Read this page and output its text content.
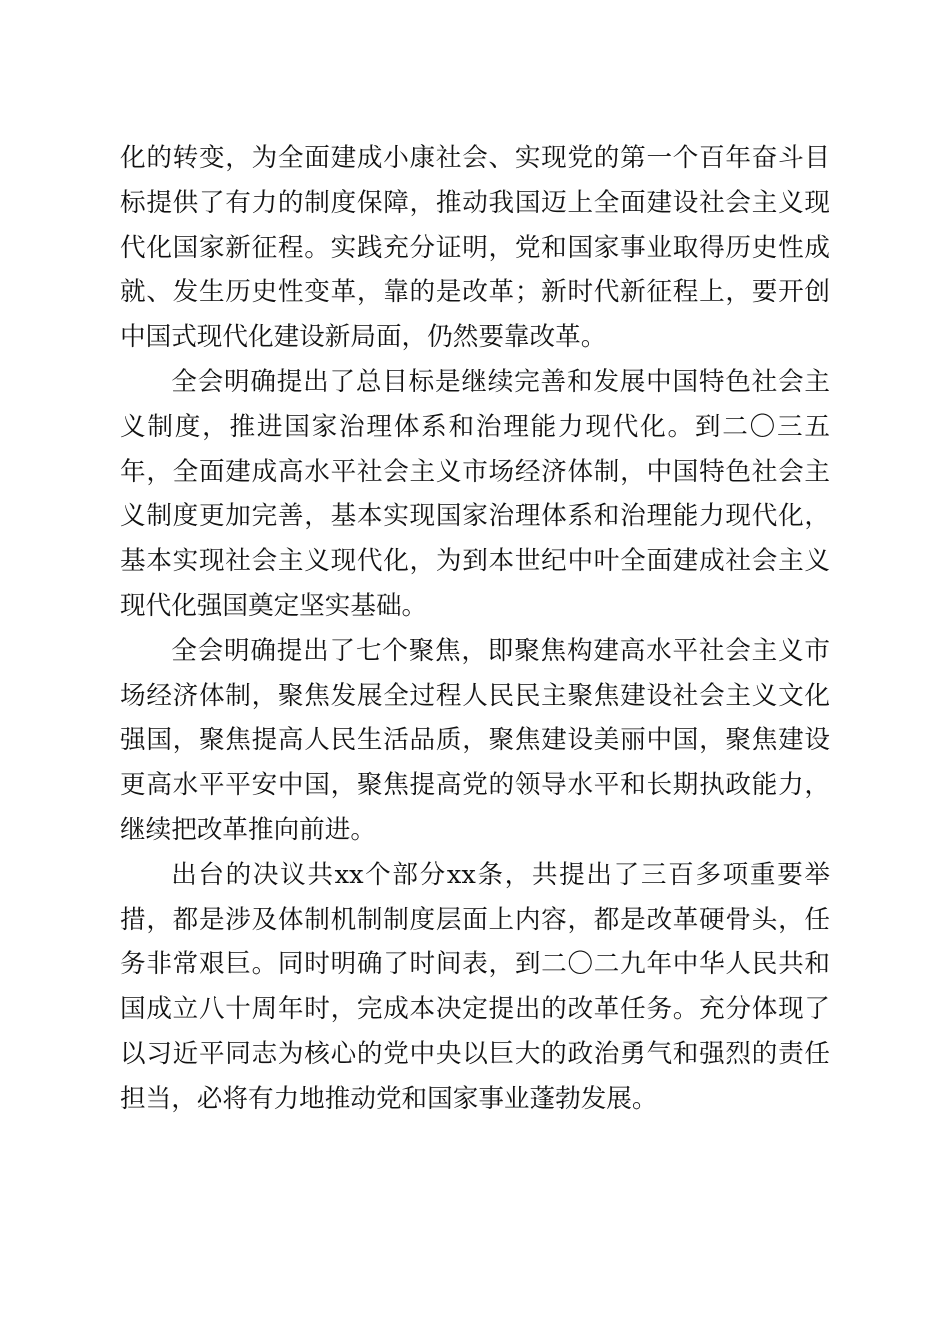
化的转变，为全面建成小康社会、实现党的第一个百年奋斗目标提供了有力的制度保障，推动我国迈上全面建设社会主义现代化国家新征程。实践充分证明，党和国家事业取得历史性成就、发生历史性变革，靠的是改革；新时代新征程上，要开创中国式现代化建设新局面，仍然要靠改革。

全会明确提出了总目标是继续完善和发展中国特色社会主义制度，推进国家治理体系和治理能力现代化。到二〇三五年，全面建成高水平社会主义市场经济体制，中国特色社会主义制度更加完善，基本实现国家治理体系和治理能力现代化，基本实现社会主义现代化，为到本世纪中叶全面建成社会主义现代化强国奠定坚实基础。

全会明确提出了七个聚焦，即聚焦构建高水平社会主义市场经济体制，聚焦发展全过程人民民主聚焦建设社会主义文化强国，聚焦提高人民生活品质，聚焦建设美丽中国，聚焦建设更高水平平安中国，聚焦提高党的领导水平和长期执政能力，继续把改革推向前进。

出台的决议共xx个部分xx条，共提出了三百多项重要举措，都是涉及体制机制制度层面上内容，都是改革硬骨头，任务非常艰巨。同时明确了时间表，到二〇二九年中华人民共和国成立八十周年时，完成本决定提出的改革任务。充分体现了以习近平同志为核心的党中央以巨大的政治勇气和强烈的责任担当，必将有力地推动党和国家事业蓬勃发展。
